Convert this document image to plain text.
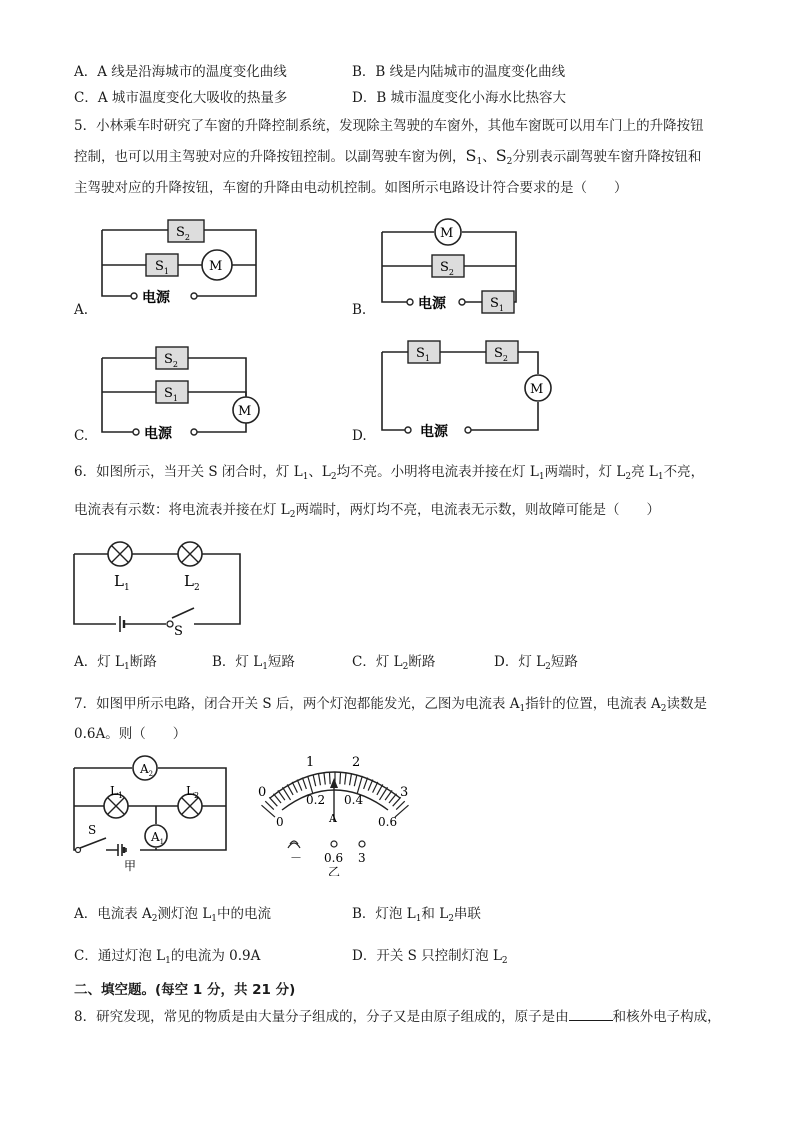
A．A 线是沿海城市的温度变化曲线	B．B 线是内陆城市的温度变化曲线
C．A 城市温度变化大吸收的热量多	D．B 城市温度变化小海水比热容大
5．小林乘车时研究了车窗的升降控制系统，发现除主驾驶的车窗外，其他车窗既可以用车门上的升降按钮
控制，也可以用主驾驶对应的升降按钮控制。以副驾驶车窗为例，$S_1$、$S_2$分别表示副驾驶车窗升降按钮和
主驾驶对应的升降按钮，车窗的升降由电动机控制。如图所示电路设计符合要求的是（　　）
A.
$S_2$
$S_1$	M
电源
B.
M
$S_2$
$S_1$
电源
C.
$S_2$
$S_1$
M
电源	D.
$S_1$	$S_2$
M
电源
6．如图所示，当开关 S 闭合时，灯 $L_1$、$L_2$均不亮。小明将电流表并接在灯 $L_1$两端时，灯 $L_2$亮 $L_1$不亮，
电流表有示数：将电流表并接在灯 $L_2$两端时，两灯均不亮，电流表无示数，则故障可能是（　　）
$L_1$	$L_2$
S
A．灯 $L_1$断路	B．灯 $L_1$短路	C．灯 $L_2$断路	D．灯 $L_2$短路
7．如图甲所示电路，闭合开关 S 后，两个灯泡都能发光，乙图为电流表 $A_1$指针的位置，电流表 $A_2$读数是
0.6A。则（　　）
$A_2$
$A_1$
$L_1$	$L_2$
S
甲
0
1	2
3
0
0.2 0.4
0.6
A
－ 0.6 3
乙
A．电流表 $A_2$测灯泡 $L_1$中的电流	B．灯泡 $L_1$和 $L_2$串联
C．通过灯泡 $L_1$的电流为 0.9A	D．开关 S 只控制灯泡 $L_2$
二、填空题。(每空 1 分，共 21 分)
8．研究发现，常见的物质是由大量分子组成的，分子又是由原子组成的，原子是由	和核外电子构成，
